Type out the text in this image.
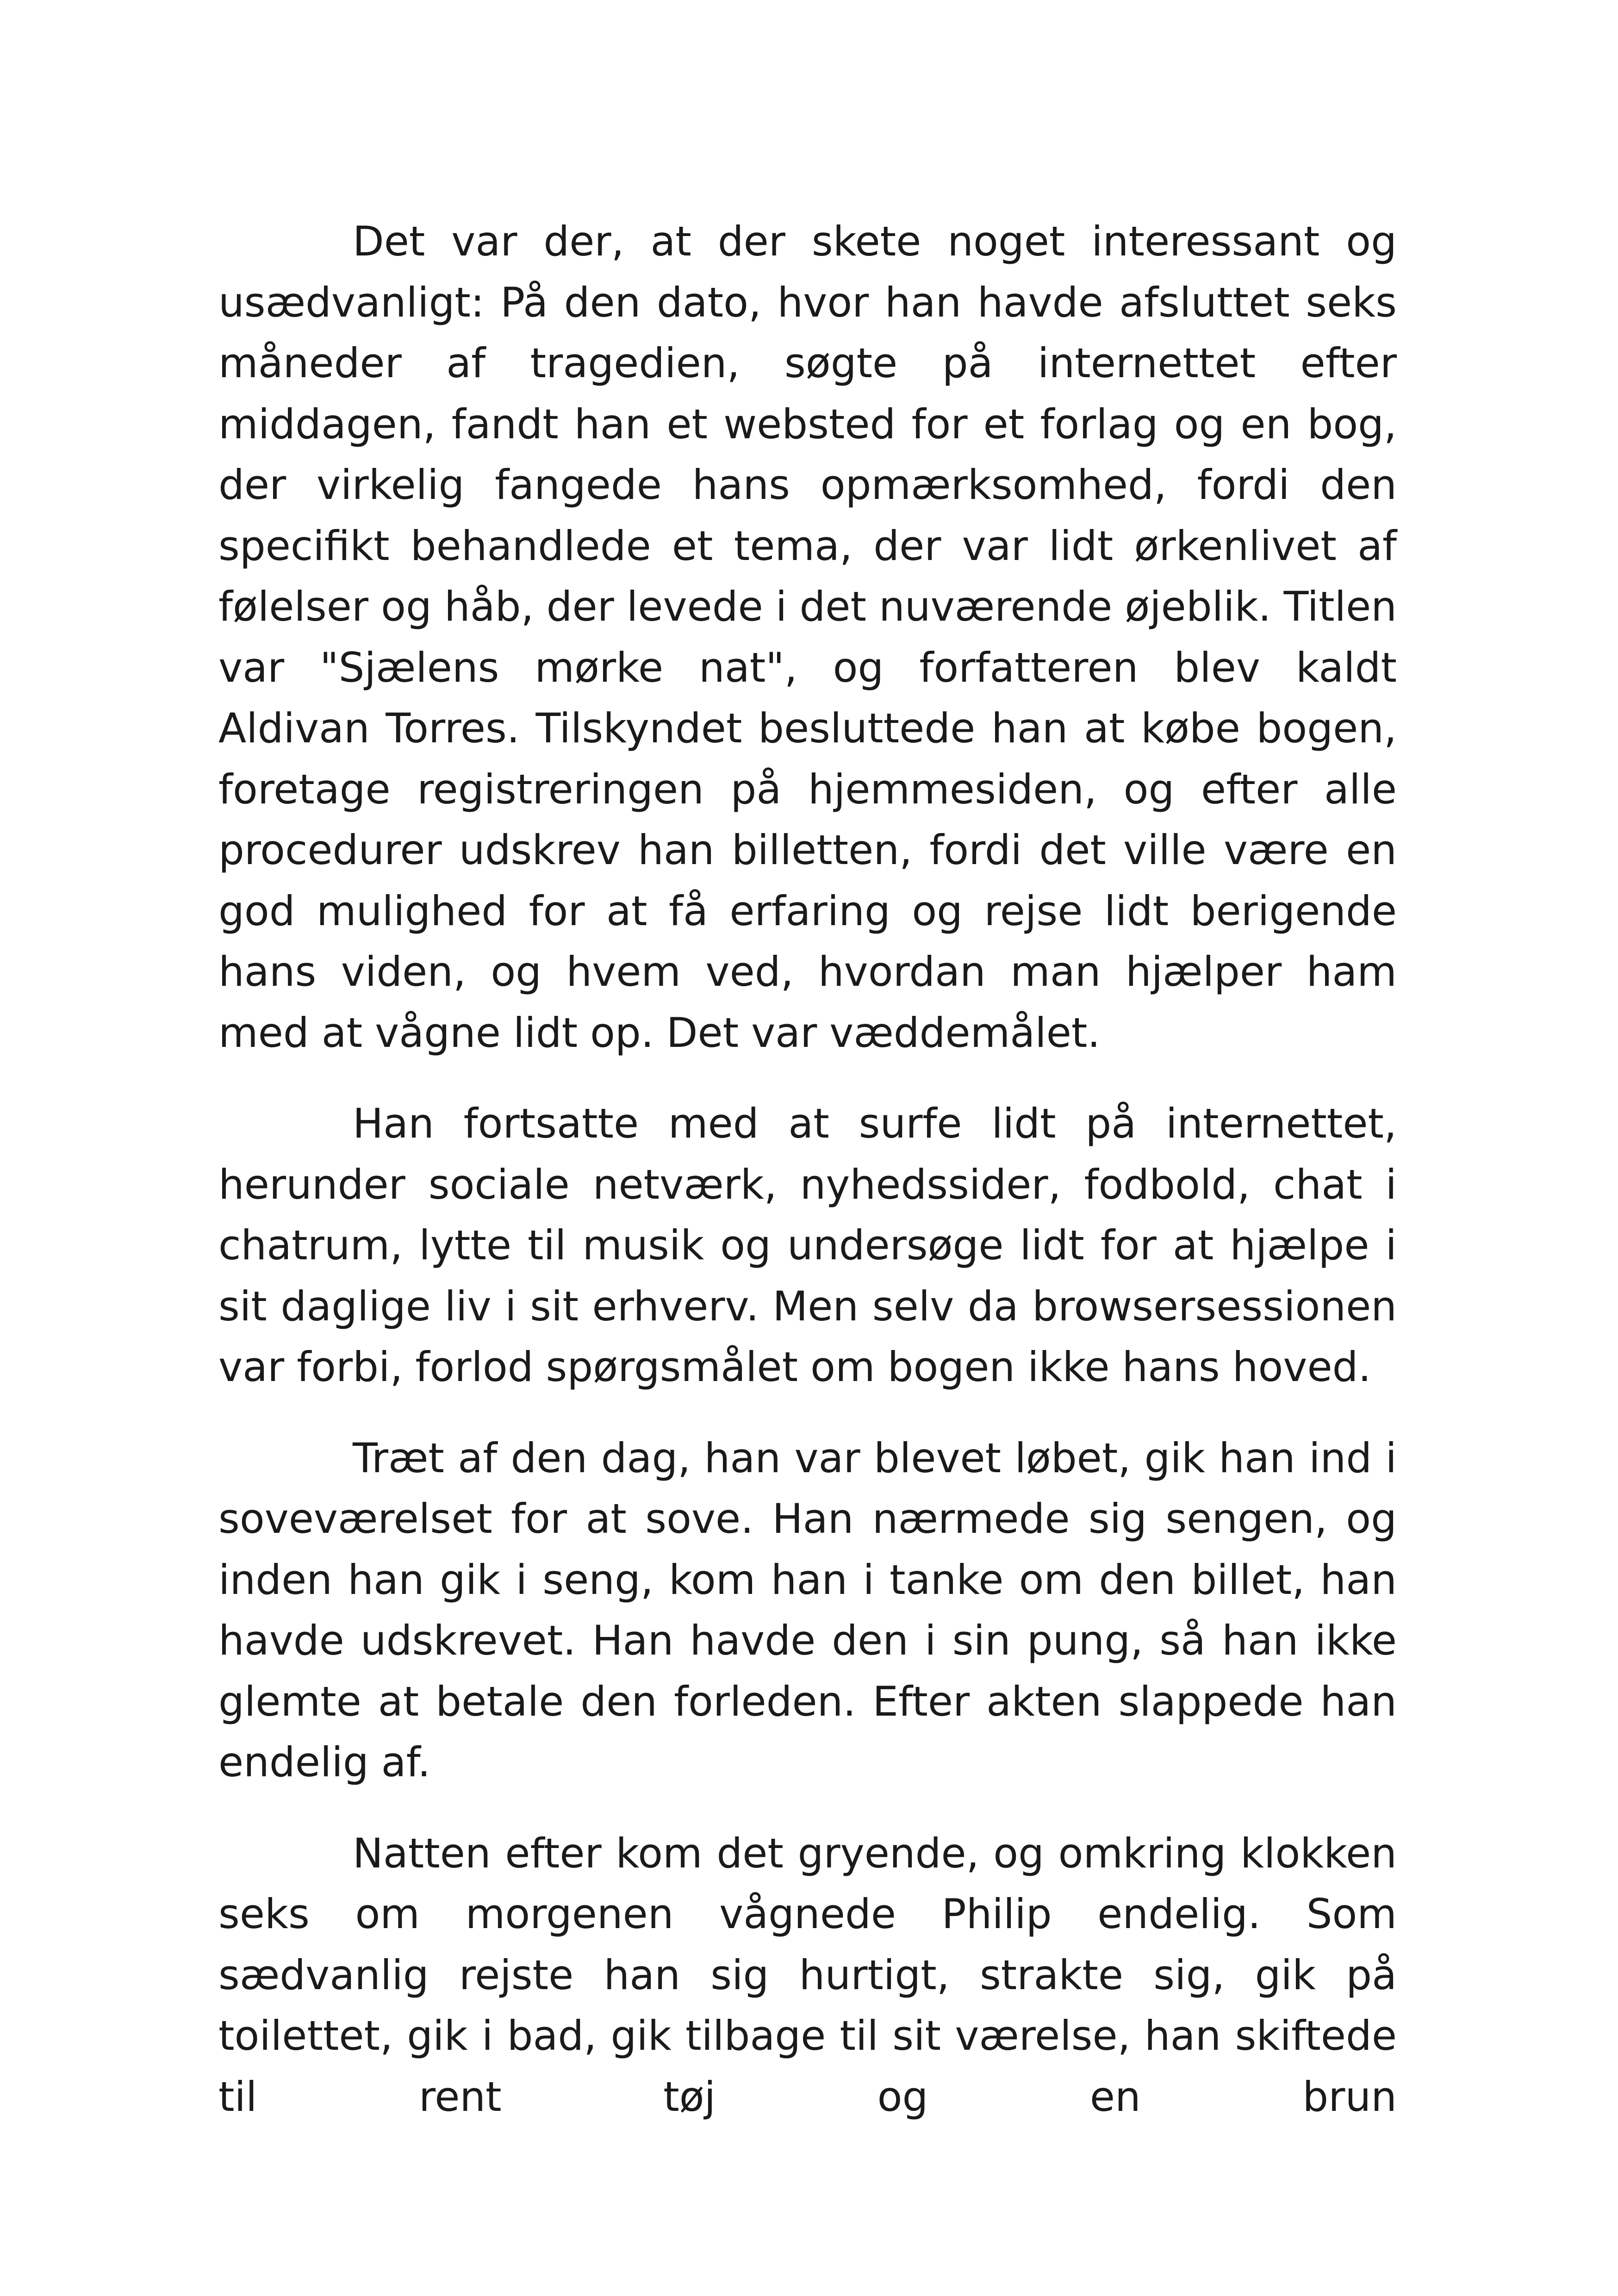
Det var der, at der skete noget interessant og usædvanligt: På den dato, hvor han havde afsluttet seks måneder af tragedien, søgte på internettet efter middagen, fandt han et websted for et forlag og en bog, der virkelig fangede hans opmærksomhed, fordi den specifikt behandlede et tema, der var lidt ørkenlivet af følelser og håb, der levede i det nuværende øjeblik. Titlen var "Sjælens mørke nat", og forfatteren blev kaldt Aldivan Torres. Tilskyndet besluttede han at købe bogen, foretage registreringen på hjemmesiden, og efter alle procedurer udskrev han billetten, fordi det ville være en god mulighed for at få erfaring og rejse lidt berigende hans viden, og hvem ved, hvordan man hjælper ham med at vågne lidt op. Det var væddemålet.

Han fortsatte med at surfe lidt på internettet, herunder sociale netværk, nyhedssider, fodbold, chat i chatrum, lytte til musik og undersøge lidt for at hjælpe i sit daglige liv i sit erhverv. Men selv da browsersessionen var forbi, forlod spørgsmålet om bogen ikke hans hoved.

Træt af den dag, han var blevet løbet, gik han ind i soveværelset for at sove. Han nærmede sig sengen, og inden han gik i seng, kom han i tanke om den billet, han havde udskrevet. Han havde den i sin pung, så han ikke glemte at betale den forleden. Efter akten slappede han endelig af.

Natten efter kom det gryende, og omkring klokken seks om morgenen vågnede Philip endelig. Som sædvanlig rejste han sig hurtigt, strakte sig, gik på toilettet, gik i bad, gik tilbage til sit værelse, han skiftede til rent tøj og en brun
